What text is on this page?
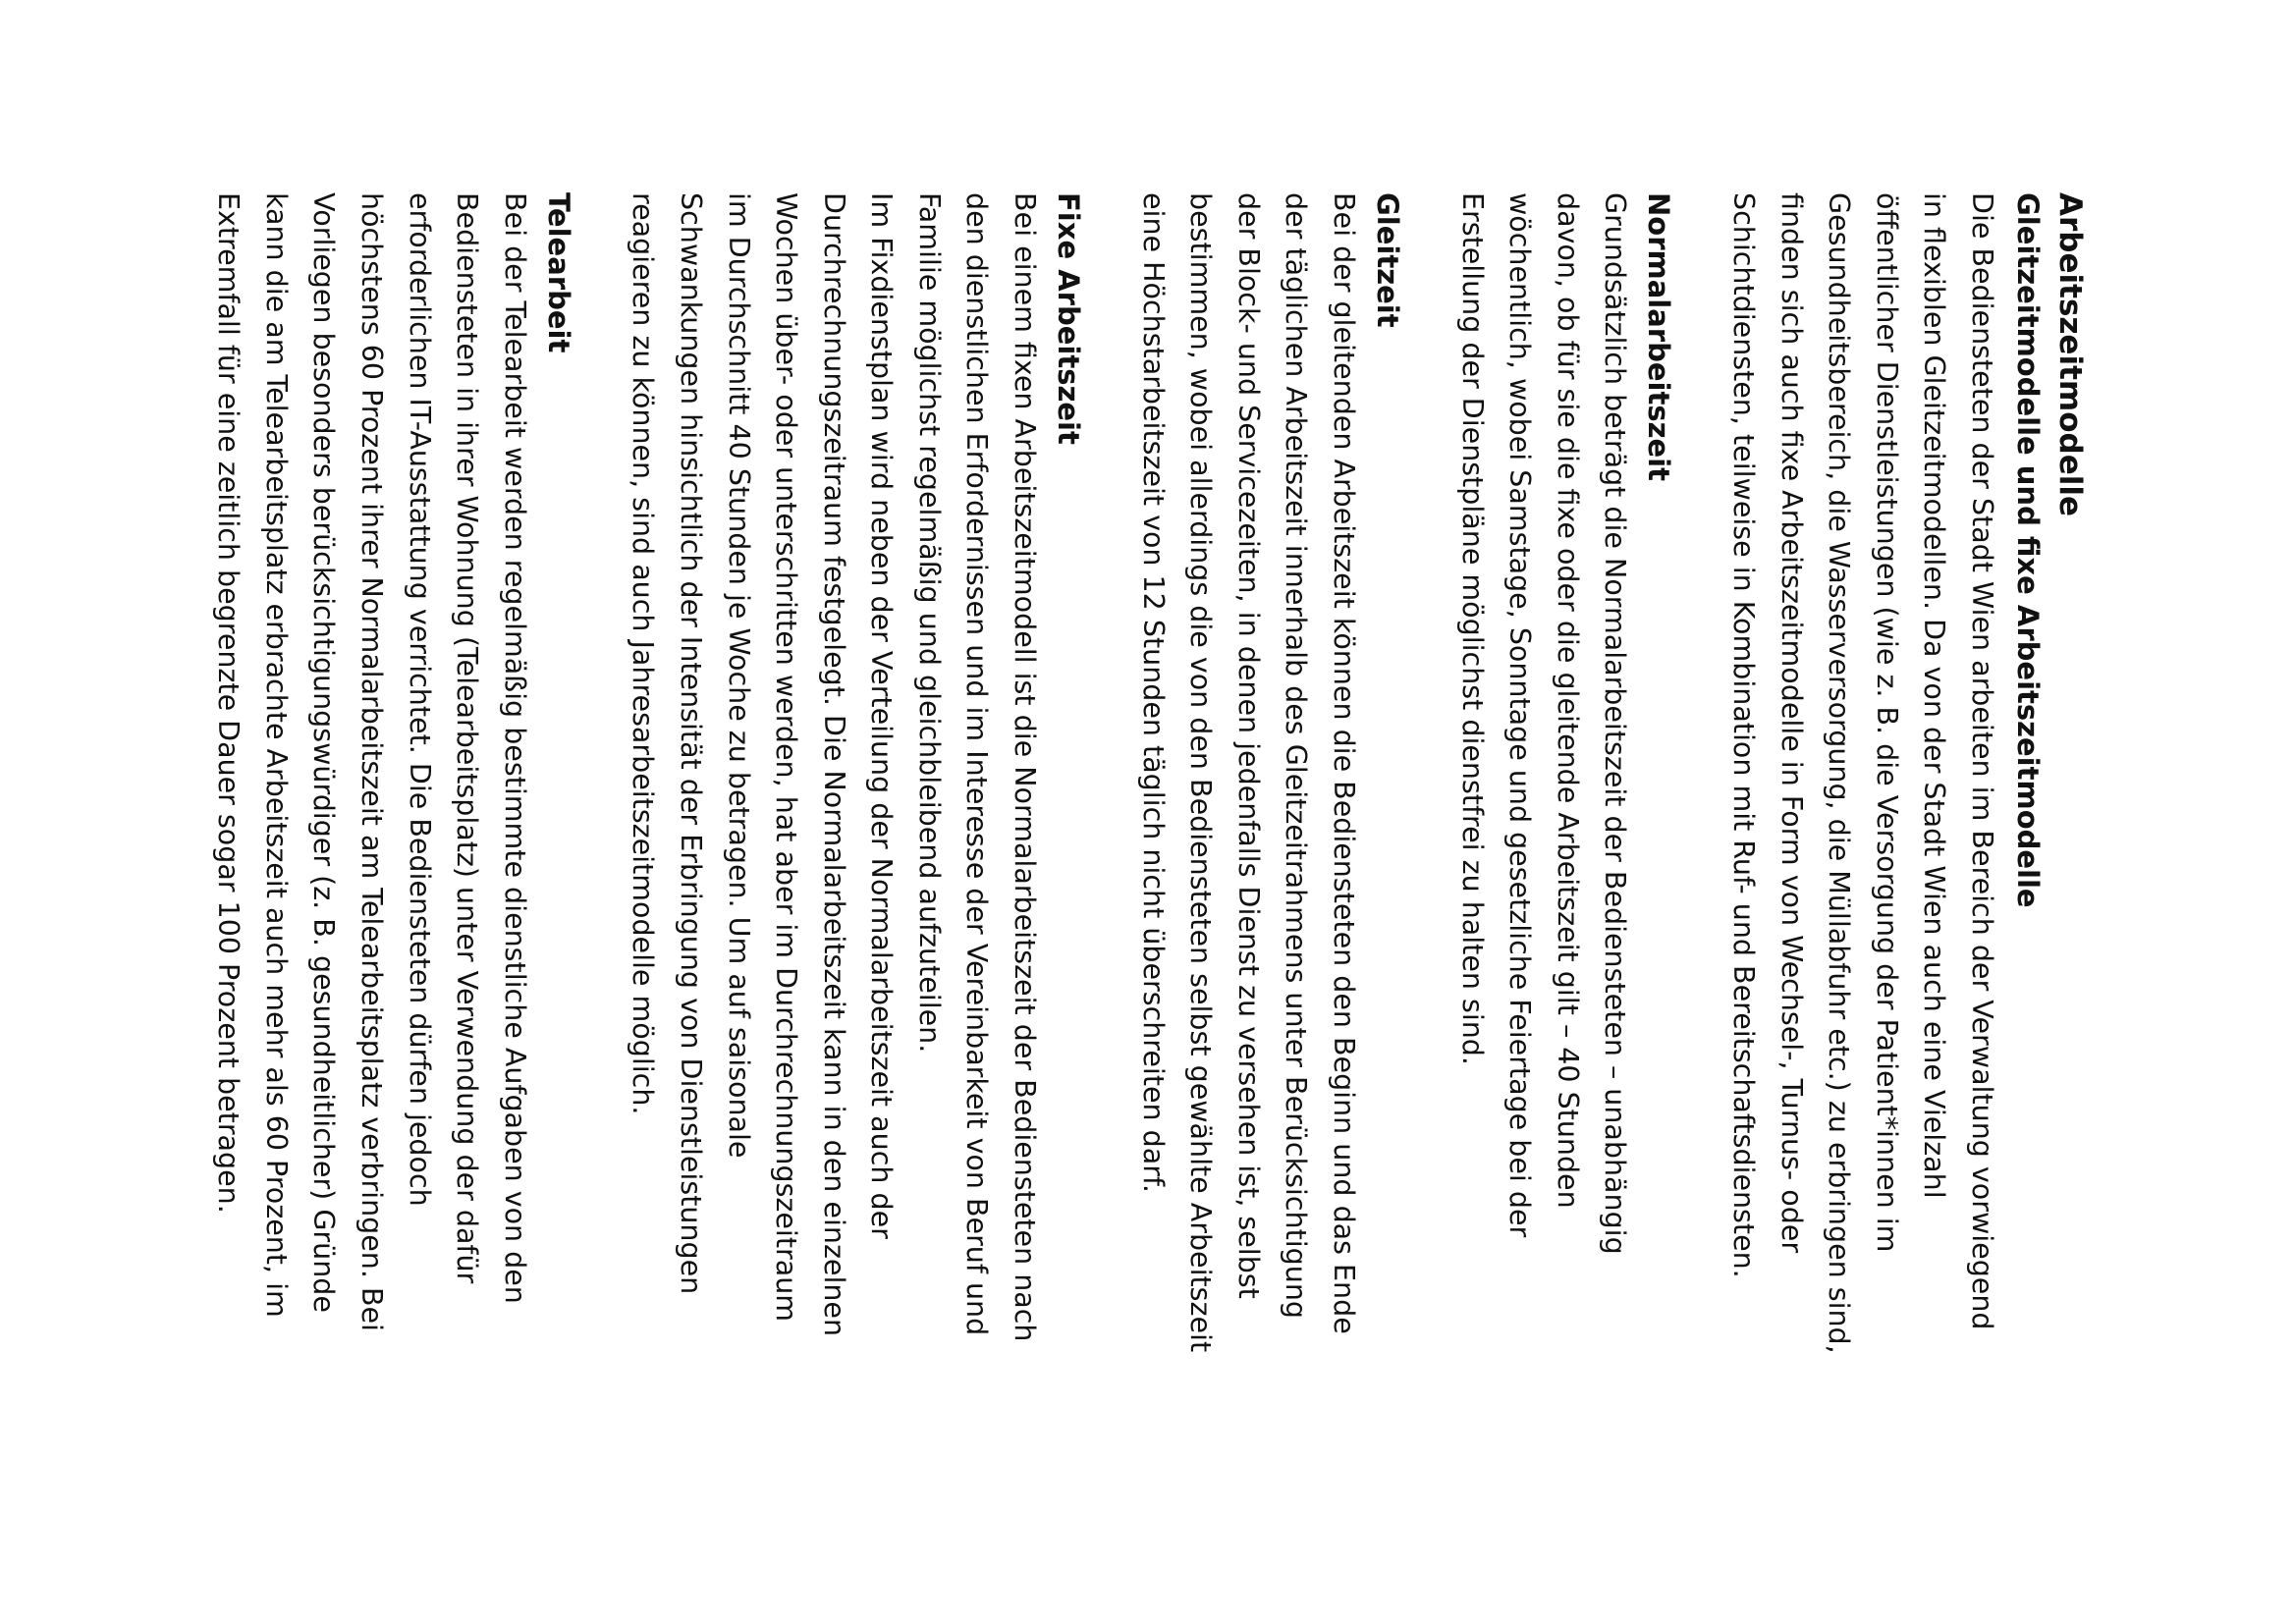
Arbeitszeitmodelle
Gleitzeitmodelle und fixe Arbeitszeitmodelle

Die Bediensteten der Stadt Wien arbeiten im Bereich der Verwaltung vorwiegend
in flexiblen Gleitzeitmodellen. Da von der Stadt Wien auch eine Vielzahl
öffentlicher Dienstleistungen (wie z. B. die Versorgung der Patient*innen im
Gesundheitsbereich, die Wasserversorgung, die Müllabfuhr etc.) zu erbringen sind,
finden sich auch fixe Arbeitszeitmodelle in Form von Wechsel-, Turnus- oder
Schichtdiensten, teilweise in Kombination mit Ruf- und Bereitschaftsdiensten.

Normalarbeitszeit

Grundsätzlich beträgt die Normalarbeitszeit der Bediensteten – unabhängig
davon, ob für sie die fixe oder die gleitende Arbeitszeit gilt – 40 Stunden
wöchentlich, wobei Samstage, Sonntage und gesetzliche Feiertage bei der
Erstellung der Dienstpläne möglichst dienstfrei zu halten sind.

Gleitzeit

Bei der gleitenden Arbeitszeit können die Bediensteten den Beginn und das Ende
der täglichen Arbeitszeit innerhalb des Gleitzeitrahmens unter Berücksichtigung
der Block- und Servicezeiten, in denen jedenfalls Dienst zu versehen ist, selbst
bestimmen, wobei allerdings die von den Bediensteten selbst gewählte Arbeitszeit
eine Höchstarbeitszeit von 12 Stunden täglich nicht überschreiten darf.

Fixe Arbeitszeit

Bei einem fixen Arbeitszeitmodell ist die Normalarbeitszeit der Bediensteten nach
den dienstlichen Erfordernissen und im Interesse der Vereinbarkeit von Beruf und
Familie möglichst regelmäßig und gleichbleibend aufzuteilen.
Im Fixdienstplan wird neben der Verteilung der Normalarbeitszeit auch der
Durchrechnungszeitraum festgelegt. Die Normalarbeitszeit kann in den einzelnen
Wochen über- oder unterschritten werden, hat aber im Durchrechnungszeitraum
im Durchschnitt 40 Stunden je Woche zu betragen. Um auf saisonale
Schwankungen hinsichtlich der Intensität der Erbringung von Dienstleistungen
reagieren zu können, sind auch Jahresarbeitszeitmodelle möglich.

Telearbeit

Bei der Telearbeit werden regelmäßig bestimmte dienstliche Aufgaben von den
Bediensteten in ihrer Wohnung (Telearbeitsplatz) unter Verwendung der dafür
erforderlichen IT-Ausstattung verrichtet. Die Bediensteten dürfen jedoch
höchstens 60 Prozent ihrer Normalarbeitszeit am Telearbeitsplatz verbringen. Bei
Vorliegen besonders berücksichtigungswürdiger (z. B. gesundheitlicher) Gründe
kann die am Telearbeitsplatz erbrachte Arbeitszeit auch mehr als 60 Prozent, im
Extremfall für eine zeitlich begrenzte Dauer sogar 100 Prozent betragen.
